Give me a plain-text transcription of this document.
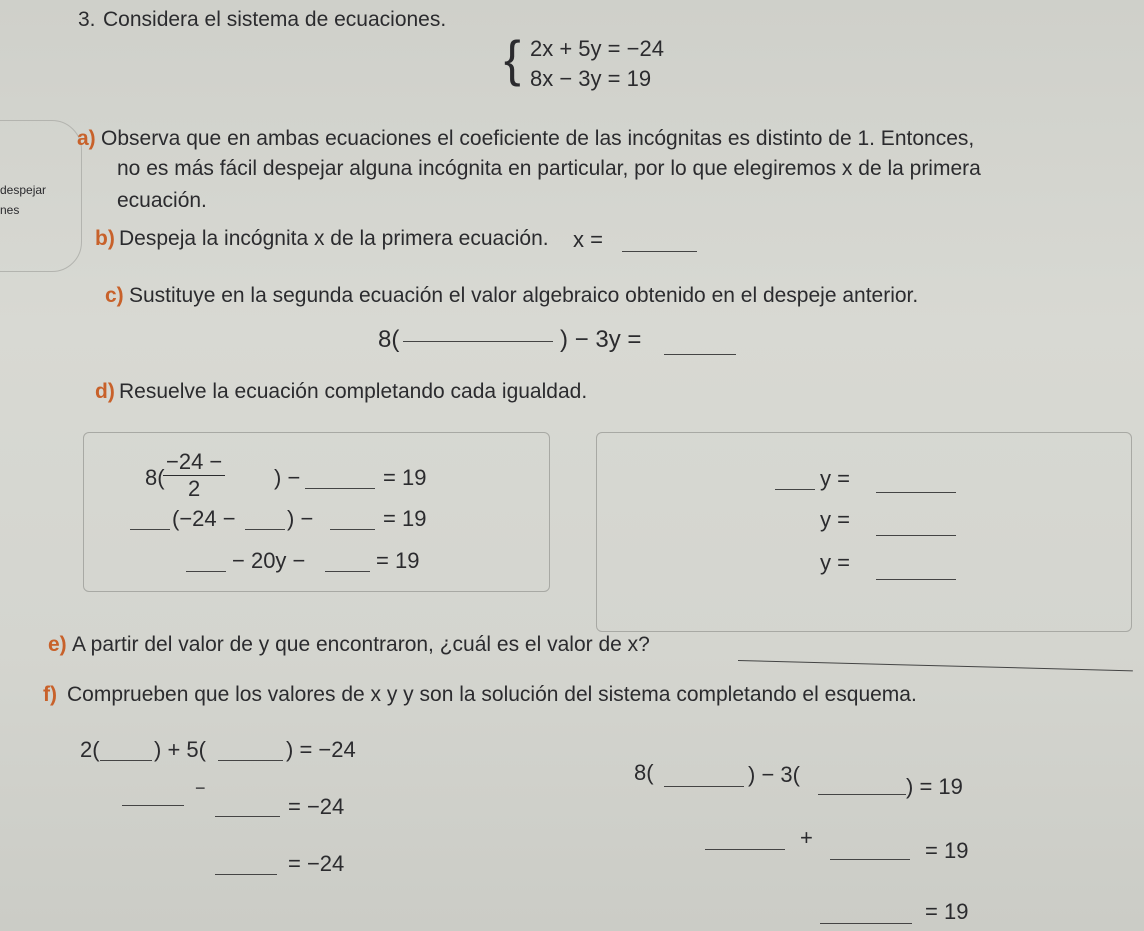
despejar
nes
3. Considera el sistema de ecuaciones.
{ 2x + 5y = −24
8x − 3y = 19
a) Observa que en ambas ecuaciones el coeficiente de las incógnitas es distinto de 1. Entonces,
no es más fácil despejar alguna incógnita en particular, por lo que elegiremos x de la primera
ecuación.
b) Despeja la incógnita x de la primera ecuación. x =
c) Sustituye en la segunda ecuación el valor algebraico obtenido en el despeje anterior.
8(	) − 3y =
d) Resuelve la ecuación completando cada igualdad.
8(
$\frac{-24 -}{2}$ ) −	= 19
(−24 − ) −	= 19
− 20y −	= 19
y =
y =
y =
e) A partir del valor de y que encontraron, ¿cuál es el valor de x?
f) Comprueben que los valores de x y y son la solución del sistema completando el esquema.
2( ) + 5(	) = −24
−
= −24
= −24
8(	) − 3(	) = 19
+
= 19
= 19
